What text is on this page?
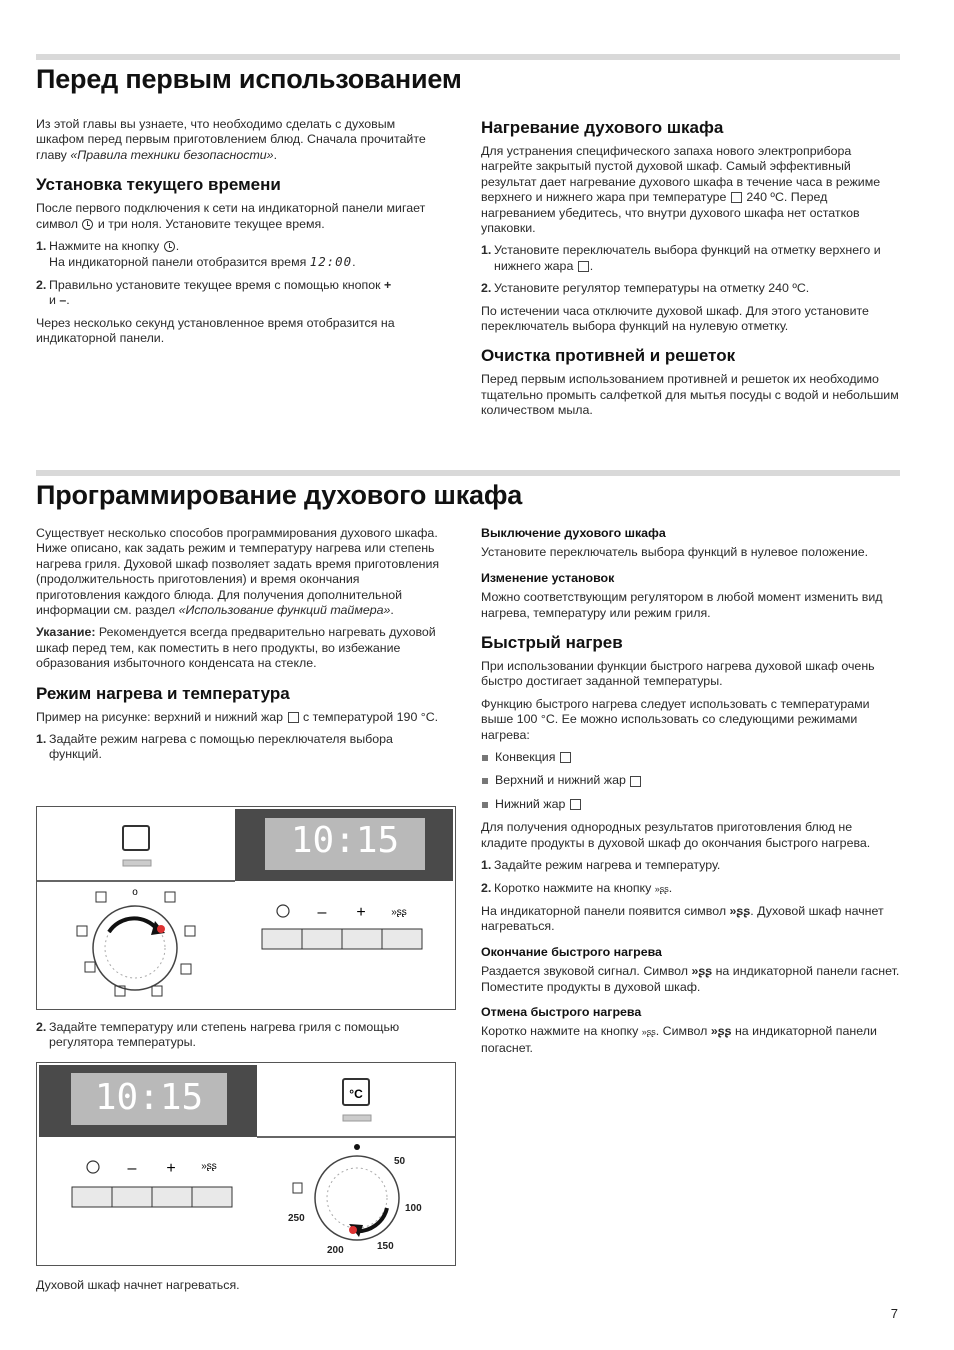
Перед первым использованием

Из этой главы вы узнаете, что необходимо сделать с духовым шкафом перед первым приготовлением блюд. Сначала прочитайте главу «Правила техники безопасности».

Установка текущего времени

После первого подключения к сети на индикаторной панели мигает символ и три ноля. Установите текущее время.

1. Нажмите на кнопку .
На индикаторной панели отобразится время 12:00.
2. Правильно установите текущее время с помощью кнопок +
и –.

Через несколько секунд установленное время отобразится на индикаторной панели.

Нагревание духового шкафа

Для устранения специфического запаха нового электроприбора нагрейте закрытый пустой духовой шкаф. Самый эффективный результат дает нагревание духового шкафа в течение часа в режиме верхнего и нижнего жара при температуре 240 ºC. Перед нагреванием убедитесь, что внутри духового шкафа нет остатков упаковки.

1. Установите переключатель выбора функций на отметку верхнего и нижнего жара .
2. Установите регулятор температуры на отметку 240 ºC.

По истечении часа отключите духовой шкаф. Для этого установите переключатель выбора функций на нулевую отметку.

Очистка противней и решеток

Перед первым использованием противней и решеток их необходимо тщательно промыть салфеткой для мытья посуды с водой и небольшим количеством мыла.

Программирование духового шкафа

Существует несколько способов программирования духового шкафа. Ниже описано, как задать режим и температуру нагрева или степень нагрева гриля. Духовой шкаф позволяет задать время приготовления (продолжительность приготовления) и время окончания приготовления каждого блюда. Для получения дополнительной информации см. раздел «Использование функций таймера».

Указание: Рекомендуется всегда предварительно нагревать духовой шкаф перед тем, как поместить в него продукты, во избежание образования избыточного конденсата на стекле.

Режим нагрева и температура

Пример на рисунке: верхний и нижний жар с температурой 190 °C.

1. Задайте режим нагрева с помощью переключателя выбора функций.
10:15
o
– +	»ʂʂ
2. Задайте температуру или степень нагрева гриля с помощью регулятора температуры.
10:15	°C
– +	»ʂʂ	50
100
150
200
250

Духовой шкаф начнет нагреваться.

Выключение духового шкафа

Установите переключатель выбора функций в нулевое положение.

Изменение установок

Можно соответствующим регулятором в любой момент изменить вид нагрева, температуру или режим гриля.

Быстрый нагрев

При использовании функции быстрого нагрева духовой шкаф очень быстро достигает заданной температуры.

Функцию быстрого нагрева следует использовать с температурами выше 100 °C. Ее можно использовать со следующими режимами нагрева:

Конвекция

Верхний и нижний жар

Нижний жар

Для получения однородных результатов приготовления блюд не кладите продукты в духовой шкаф до окончания быстрого нагрева.

1. Задайте режим нагрева и температуру.
2. Коротко нажмите на кнопку »ʂʂ.

На индикаторной панели появится символ »ʂʂ. Духовой шкаф начнет нагреваться.

Окончание быстрого нагрева

Раздается звуковой сигнал. Символ »ʂʂ на индикаторной панели гаснет. Поместите продукты в духовой шкаф.

Отмена быстрого нагрева

Коротко нажмите на кнопку »ʂʂ. Символ »ʂʂ на индикаторной панели погаснет.

7
